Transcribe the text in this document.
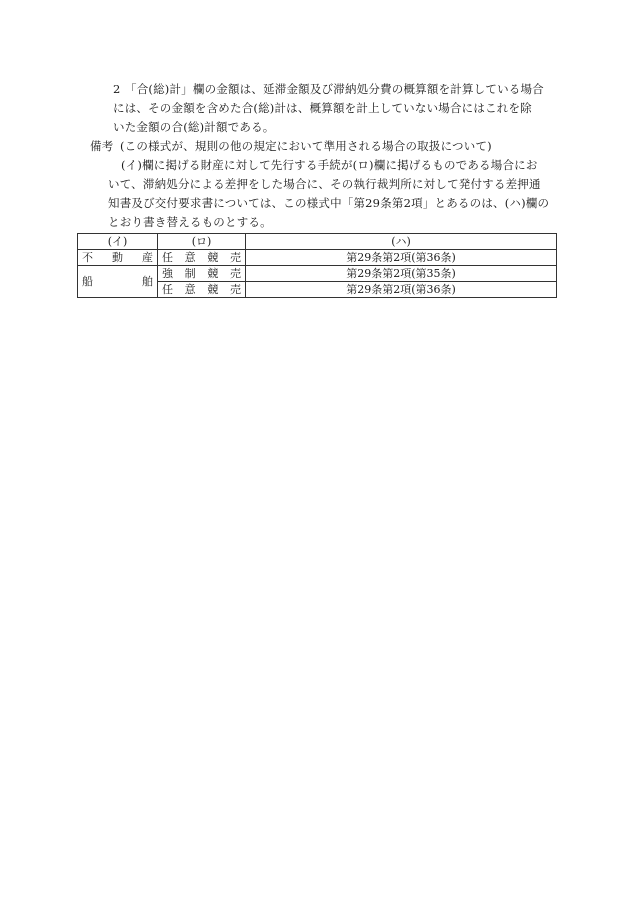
2 「合(総)計」欄の金額は、延滞金額及び滞納処分費の概算額を計算している場合
には、その金額を含めた合(総)計は、概算額を計上していない場合にはこれを除
いた金額の合(総)計額である。
備考 (この様式が、規則の他の規定において準用される場合の取扱について)
(イ)欄に掲げる財産に対して先行する手続が(ロ)欄に掲げるものである場合にお
いて、滞納処分による差押をした場合に、その執行裁判所に対して発付する差押通
知書及び交付要求書については、この様式中「第29条第2項」とあるのは、(ハ)欄の
とおり書き替えるものとする。
(イ)	(ロ)	(ハ)
不動産	任意競売	第29条第2項(第36条)
船舶	強制競売	第29条第2項(第35条)
	任意競売	第29条第2項(第36条)
